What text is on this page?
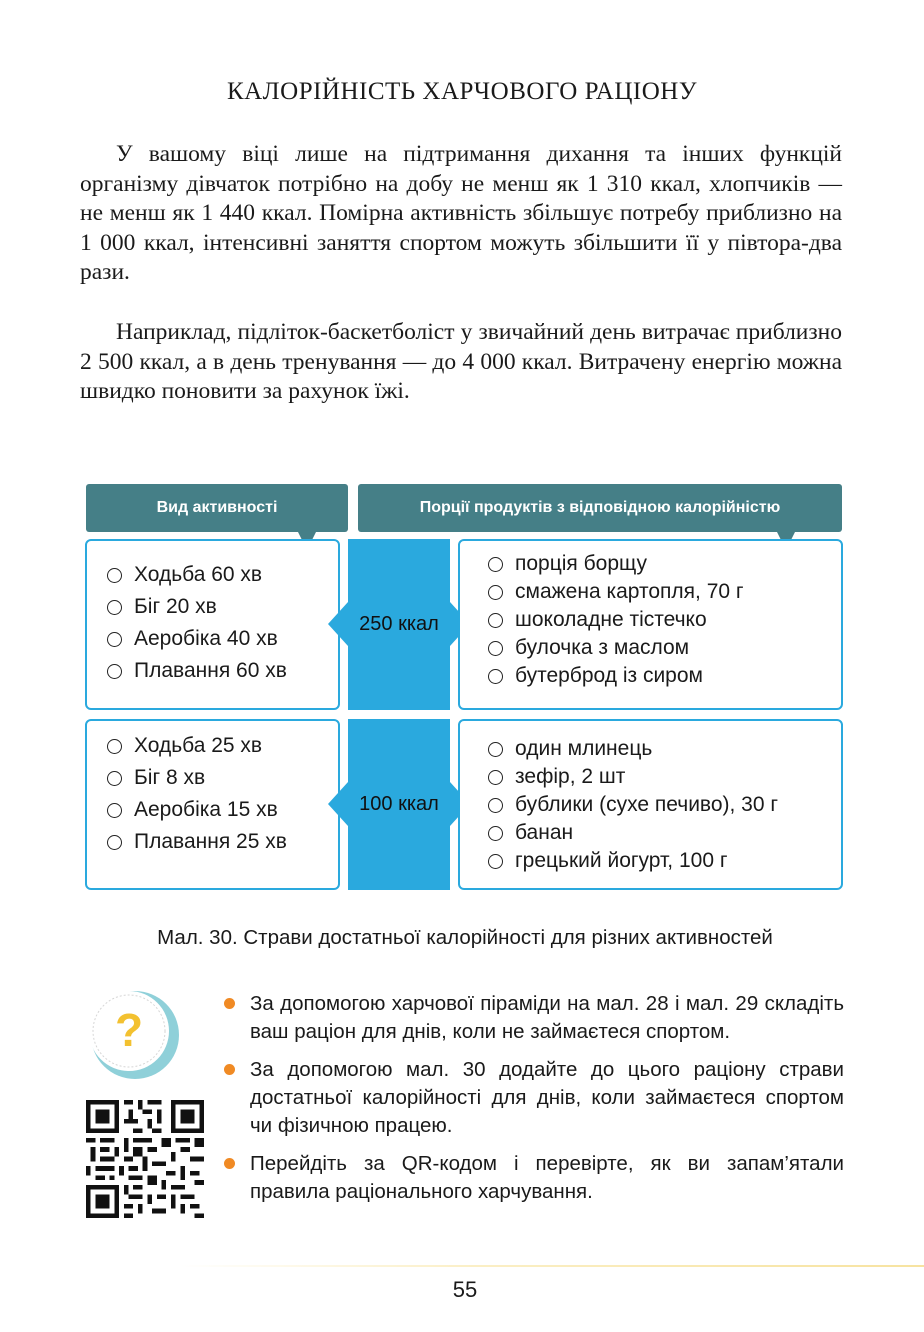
КАЛОРІЙНІСТЬ ХАРЧОВОГО РАЦІОНУ

У вашому віці лише на підтримання дихання та інших функцій організму дівчаток потрібно на добу не менш як 1 310 ккал, хлопчиків — не менш як 1 440 ккал. Помірна активність збільшує потребу приблизно на 1 000 ккал, інтенсивні заняття спортом можуть збільшити її у півтора-два рази.

Наприклад, підліток-баскетболіст у звичайний день витрачає приблизно 2 500 ккал, а в день тренування — до 4 000 ккал. Витрачену енергію можна швидко поновити за рахунок їжі.

Вид активності	Порції продуктів з відповідною калорійністю
Ходьба 60 хв
Біг 20 хв
Аеробіка 40 хв
Плавання 60 хв
250 ккал
порція борщу
смажена картопля, 70 г
шоколадне тістечко
булочка з маслом
бутерброд із сиром
Ходьба 25 хв
Біг 8 хв
Аеробіка 15 хв
Плавання 25 хв
100 ккал
один млинець
зефір, 2 шт
бублики (сухе печиво), 30 г
банан
грецький йогурт, 100 г
Мал. 30. Страви достатньої калорійності для різних активностей
?
За допомогою харчової піраміди на мал. 28 і мал. 29 складіть ваш раціон для днів, коли не займаєтеся спортом.
За допомогою мал. 30 додайте до цього раціону страви достатньої калорійності для днів, коли займаєтеся спортом чи фізичною працею.
Перейдіть за QR-кодом і перевірте, як ви запам’ятали правила раціонального харчування.
55
